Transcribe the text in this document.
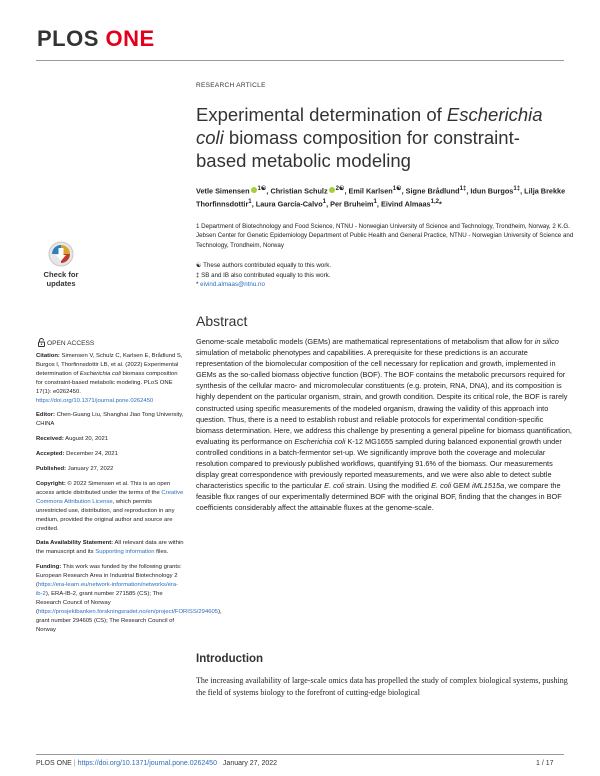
PLOS ONE
Check for
updates
RESEARCH ARTICLE
Experimental determination of Escherichia coli biomass composition for constraint-based metabolic modeling
Vetle Simensen $^{1☯}$, Christian Schulz $^{2☯}$, Emil Karlsen$^{1☯}$, Signe Brådlund$^{1\ddagger}$, Idun Burgos$^{1\ddagger}$, Lilja Brekke Thorfinnsdottir$^1$, Laura García-Calvo$^1$, Per Bruheim$^1$, Eivind Almaas$^{1,2}$*
1 Department of Biotechnology and Food Science, NTNU - Norwegian University of Science and Technology, Trondheim, Norway, 2 K.G. Jebsen Center for Genetic Epidemiology Department of Public Health and General Practice, NTNU - Norwegian University of Science and Technology, Trondheim, Norway
☯ These authors contributed equally to this work.
‡ SB and IB also contributed equally to this work.
* eivind.almaas@ntnu.no
Abstract

Genome-scale metabolic models (GEMs) are mathematical representations of metabolism that allow for in silico simulation of metabolic phenotypes and capabilities. A prerequisite for these predictions is an accurate representation of the biomolecular composition of the cell necessary for replication and growth, implemented in GEMs as the so-called biomass objective function (BOF). The BOF contains the metabolic precursors required for synthesis of the cellular macro- and micromolecular constituents (e.g. protein, RNA, DNA), and its composition is highly dependent on the particular organism, strain, and growth condition. Despite its critical role, the BOF is rarely constructed using specific measurements of the modeled organism, drawing the validity of this approach into question. Thus, there is a need to establish robust and reliable protocols for experimental condition-specific biomass determination. Here, we address this challenge by presenting a general pipeline for biomass quantification, evaluating its performance on Escherichia coli K-12 MG1655 sampled during balanced exponential growth under controlled conditions in a batch-fermentor set-up. We significantly improve both the coverage and molecular resolution compared to previously published workflows, quantifying 91.6% of the biomass. Our measurements display great correspondence with previously reported measurements, and we were also able to detect subtle characteristics specific to the particular E. coli strain. Using the modified E. coli GEM iML1515a, we compare the feasible flux ranges of our experimentally determined BOF with the original BOF, finding that the changes in BOF coefficients considerably affect the attainable fluxes at the genome-scale.

Introduction
The increasing availability of large-scale omics data has propelled the study of complex biological systems, pushing the field of systems biology to the forefront of cutting-edge biological
OPEN ACCESS

Citation: Simensen V, Schulz C, Karlsen E, Brådlund S, Burgos I, Thorfinnsdottir LB, et al. (2022) Experimental determination of Escherichia coli biomass composition for constraint-based metabolic modeling. PLoS ONE 17(1): e0262450. https://doi.org/10.1371/journal.pone.0262450

Editor: Chen-Guang Liu, Shanghai Jiao Tong University, CHINA

Received: August 20, 2021

Accepted: December 24, 2021

Published: January 27, 2022

Copyright: © 2022 Simensen et al. This is an open access article distributed under the terms of the Creative Commons Attribution License, which permits unrestricted use, distribution, and reproduction in any medium, provided the original author and source are credited.

Data Availability Statement: All relevant data are within the manuscript and its Supporting information files.

Funding: This work was funded by the following grants: European Research Area in Industrial Biotechnology 2 (https://era-learn.eu/network-information/networks/era-ib-2), ERA-IB-2, grant number 271585 (CS); The Research Council of Norway (https://prosjektbanken.forskningsradet.no/en/project/FORISS/294605), grant number 294605 (CS); The Research Council of Norway

PLOS ONE | https://doi.org/10.1371/journal.pone.0262450 January 27, 2022	1 / 17
